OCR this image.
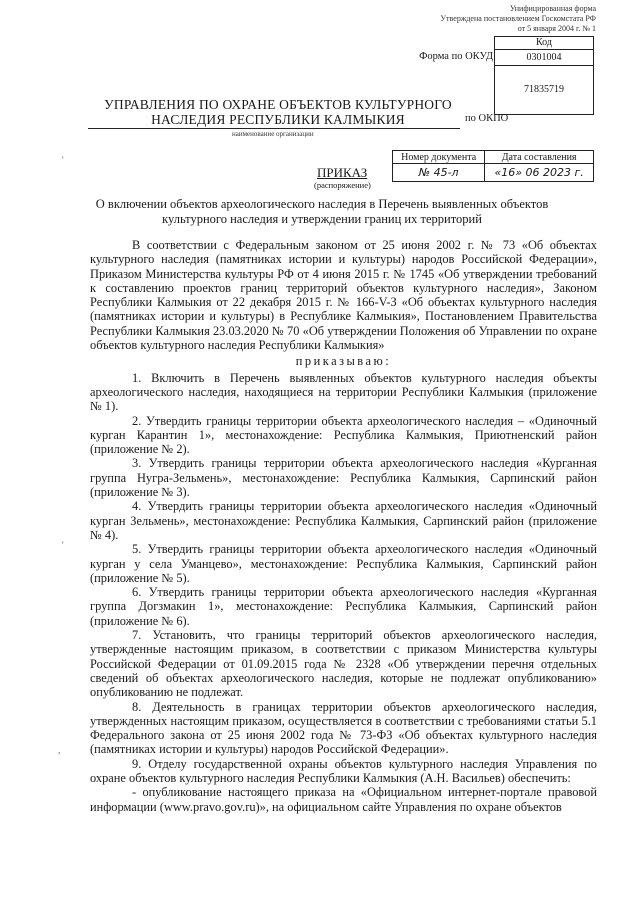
Унифицированная форма
Утверждена постановлением Госкомстата РФ
от 5 января 2004 г. № 1
Код
0301004
71835719
Форма по ОКУД
УПРАВЛЕНИЯ ПО ОХРАНЕ ОБЪЕКТОВ КУЛЬТУРНОГО НАСЛЕДИЯ РЕСПУБЛИКИ КАЛМЫКИЯ	по ОКПО
наименование организации
ПРИКАЗ
(распоряжение)
Номер документа	Дата составления
№ 45-л	«16» 06 2023 г.
'
'
,
О включении объектов археологического наследия в Перечень выявленных объектов культурного наследия и утверждении границ их территорий

В соответствии с Федеральным законом от 25 июня 2002 г. № 73 «Об объектах культурного наследия (памятниках истории и культуры) народов Российской Федерации», Приказом Министерства культуры РФ от 4 июня 2015 г. № 1745 «Об утверждении требований к составлению проектов границ территорий объектов культурного наследия», Законом Республики Калмыкия от 22 декабря 2015 г. № 166-V-З «Об объектах культурного наследия (памятниках истории и культуры) в Республике Калмыкия», Постановлением Правительства Республики Калмыкия 23.03.2020 № 70 «Об утверждении Положения об Управлении по охране объектов культурного наследия Республики Калмыкия»

приказываю:

1. Включить в Перечень выявленных объектов культурного наследия объекты археологического наследия, находящиеся на территории Республики Калмыкия (приложение № 1).

2. Утвердить границы территории объекта археологического наследия – «Одиночный курган Карантин 1», местонахождение: Республика Калмыкия, Приютненский район (приложение № 2).

3. Утвердить границы территории объекта археологического наследия «Курганная группа Нугра-Зельмень», местонахождение: Республика Калмыкия, Сарпинский район (приложение № 3).

4. Утвердить границы территории объекта археологического наследия «Одиночный курган Зельмень», местонахождение: Республика Калмыкия, Сарпинский район (приложение № 4).

5. Утвердить границы территории объекта археологического наследия «Одиночный курган у села Уманцево», местонахождение: Республика Калмыкия, Сарпинский район (приложение № 5).

6. Утвердить границы территории объекта археологического наследия «Курганная группа Догзмакин 1», местонахождение: Республика Калмыкия, Сарпинский район (приложение № 6).

7. Установить, что границы территорий объектов археологического наследия, утвержденные настоящим приказом, в соответствии с приказом Министерства культуры Российской Федерации от 01.09.2015 года № 2328 «Об утверждении перечня отдельных сведений об объектах археологического наследия, которые не подлежат опубликованию» опубликованию не подлежат.

8. Деятельность в границах территории объектов археологического наследия, утвержденных настоящим приказом, осуществляется в соответствии с требованиями статьи 5.1 Федерального закона от 25 июня 2002 года № 73-ФЗ «Об объектах культурного наследия (памятниках истории и культуры) народов Российской Федерации».

9. Отделу государственной охраны объектов культурного наследия Управления по охране объектов культурного наследия Республики Калмыкия (А.Н. Васильев) обеспечить:

- опубликование настоящего приказа на «Официальном интернет-портале правовой информации (www.pravo.gov.ru)», на официальном сайте Управления по охране объектов
